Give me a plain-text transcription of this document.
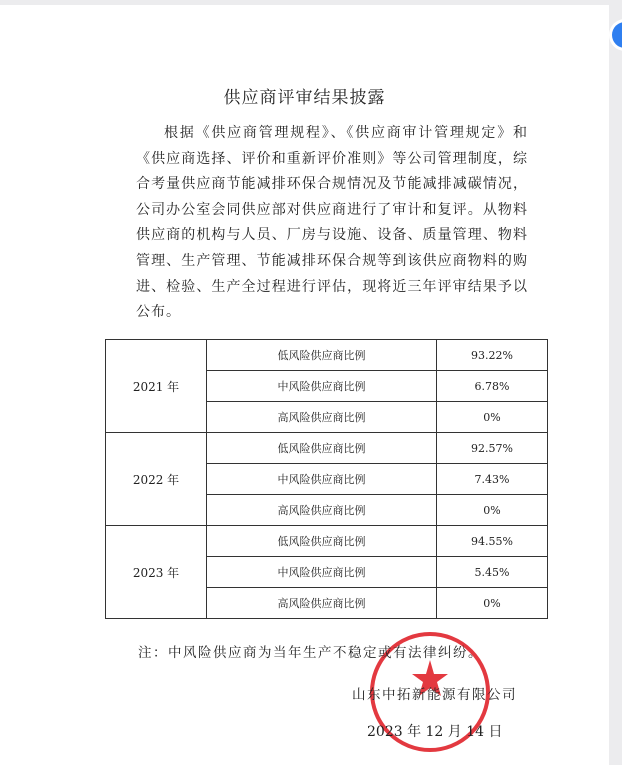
供应商评审结果披露

根据《供应商管理规程》、《供应商审计管理规定》和《供应商选择、评价和重新评价准则》等公司管理制度，综合考量供应商节能减排环保合规情况及节能减排减碳情况，公司办公室会同供应部对供应商进行了审计和复评。从物料供应商的机构与人员、厂房与设施、设备、质量管理、物料管理、生产管理、节能减排环保合规等到该供应商物料的购进、检验、生产全过程进行评估，现将近三年评审结果予以公布。

2021 年	低风险供应商比例	93.22%
	中风险供应商比例	6.78%
	高风险供应商比例	0%
2022 年	低风险供应商比例	92.57%
	中风险供应商比例	7.43%
	高风险供应商比例	0%
2023 年	低风险供应商比例	94.55%
	中风险供应商比例	5.45%
	高风险供应商比例	0%
注：中风险供应商为当年生产不稳定或有法律纠纷。
山东中拓新能源有限公司
2023 年 12 月 14 日
